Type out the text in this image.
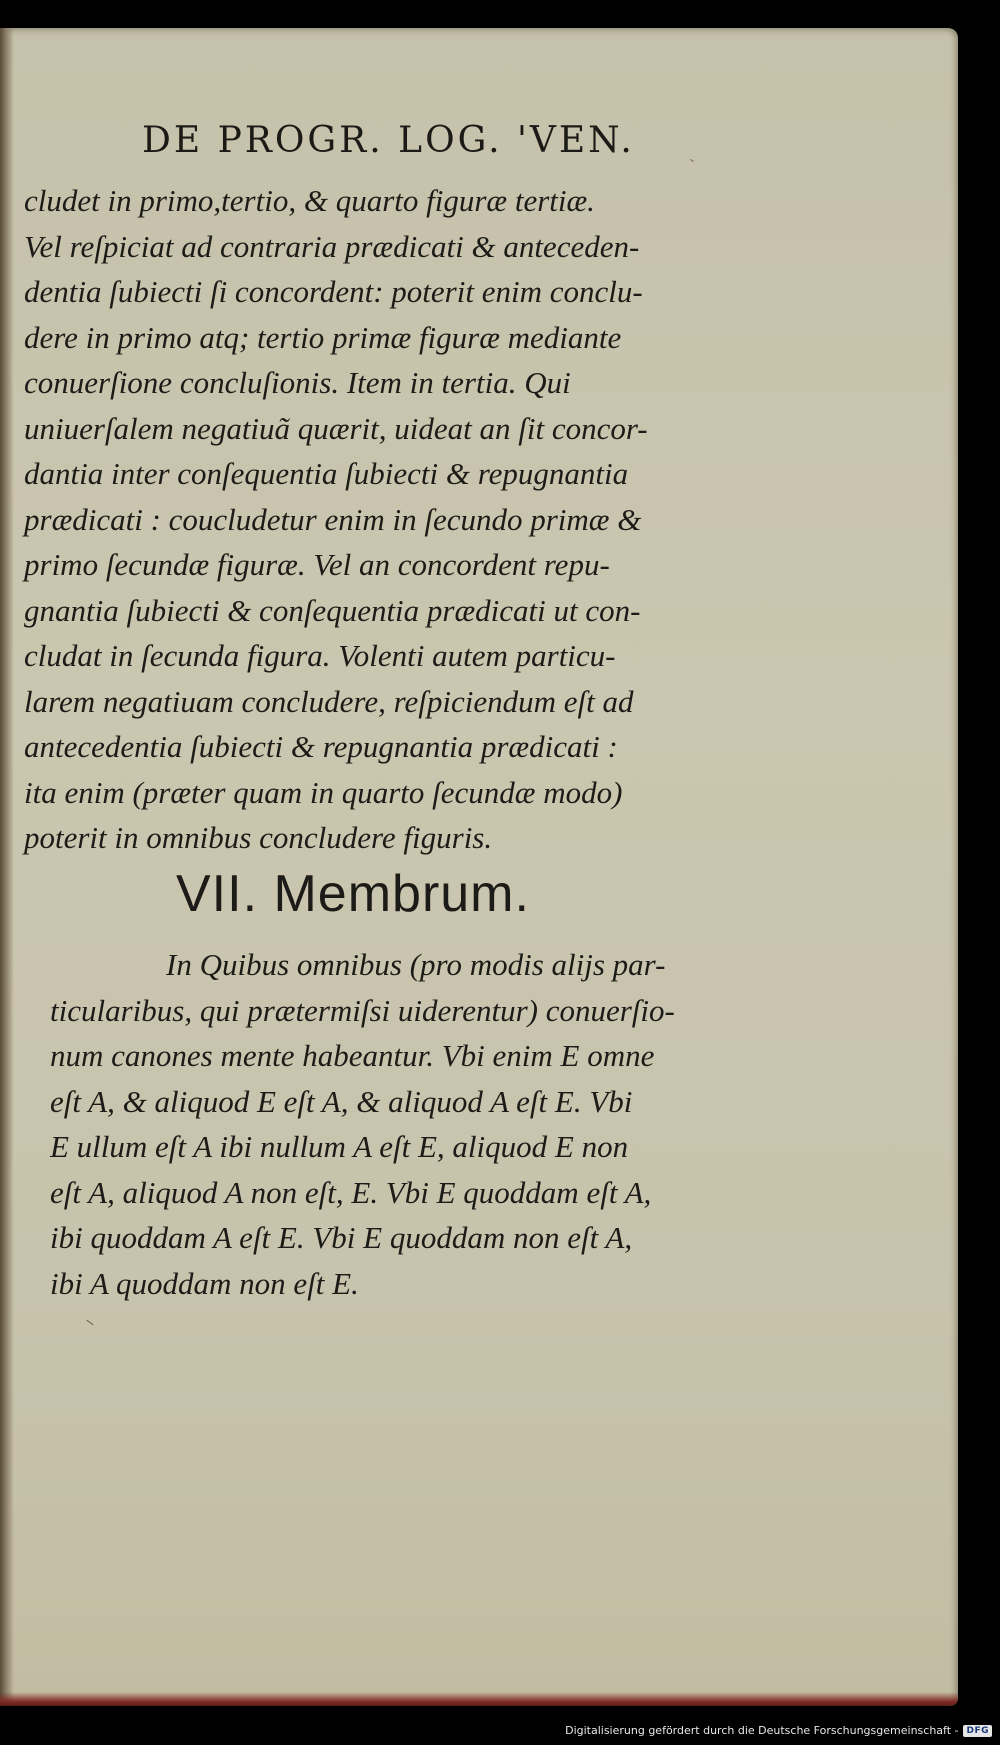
DE PROGR. LOG. 'VEN.
cludet in primo,tertio, & quarto figuræ tertiæ.
Vel reſpiciat ad contraria prædicati & anteceden-
dentia ſubiecti ſi concordent: poterit enim conclu-
dere in primo atq; tertio primæ figuræ mediante
conuerſione concluſionis. Item in tertia. Qui
uniuerſalem negatiuã quærit, uideat an ſit concor-
dantia inter conſequentia ſubiecti & repugnantia
prædicati : coucludetur enim in ſecundo primæ &
primo ſecundæ figuræ. Vel an concordent repu-
gnantia ſubiecti & conſequentia prædicati ut con-
cludat in ſecunda figura. Volenti autem particu-
larem negatiuam concludere, reſpiciendum eſt ad
antecedentia ſubiecti & repugnantia prædicati :
ita enim (præter quam in quarto ſecundæ modo)
poterit in omnibus concludere figuris.
VII. Membrum.
In Quibus omnibus (pro modis alijs par-
ticularibus, qui prætermiſsi uiderentur) conuerſio-
num canones mente habeantur. Vbi enim E omne
eſt A, & aliquod E eſt A, & aliquod A eſt E. Vbi
E ullum eſt A ibi nullum A eſt E, aliquod E non
eſt A, aliquod A non eſt, E. Vbi E quoddam eſt A,
ibi quoddam A eſt E. Vbi E quoddam non eſt A,
ibi A quoddam non eſt E.
Digitalisierung gefördert durch die Deutsche Forschungsgemeinschaft - DFG
